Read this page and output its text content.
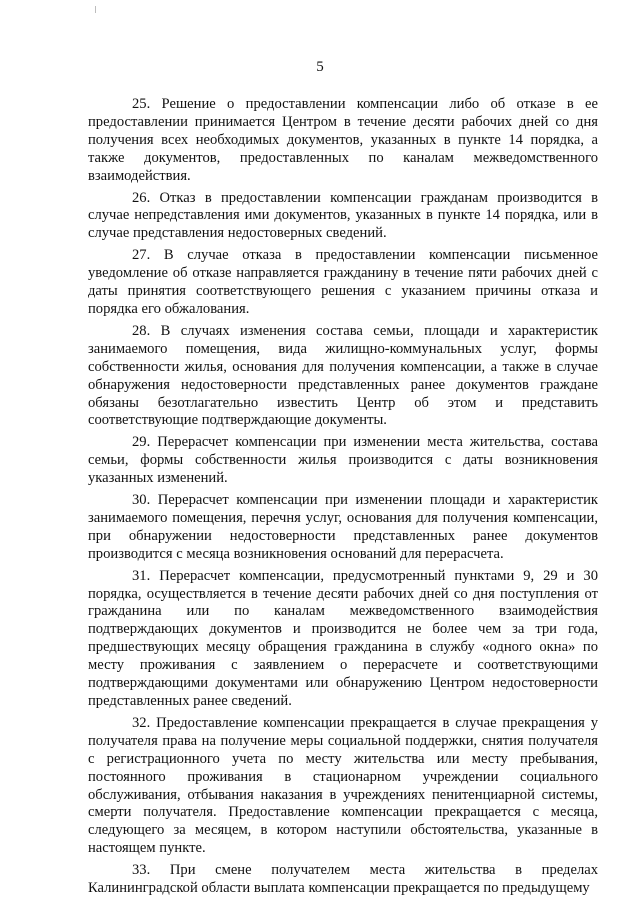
5

25. Решение о предоставлении компенсации либо об отказе в ее предоставлении принимается Центром в течение десяти рабочих дней со дня получения всех необходимых документов, указанных в пункте 14 порядка, а также документов, предоставленных по каналам межведомственного взаимодействия.

26. Отказ в предоставлении компенсации гражданам производится в случае непредставления ими документов, указанных в пункте 14 порядка, или в случае представления недостоверных сведений.

27. В случае отказа в предоставлении компенсации письменное уведомление об отказе направляется гражданину в течение пяти рабочих дней с даты принятия соответствующего решения с указанием причины отказа и порядка его обжалования.

28. В случаях изменения состава семьи, площади и характеристик занимаемого помещения, вида жилищно-коммунальных услуг, формы собственности жилья, основания для получения компенсации, а также в случае обнаружения недостоверности представленных ранее документов граждане обязаны безотлагательно известить Центр об этом и представить соответствующие подтверждающие документы.

29. Перерасчет компенсации при изменении места жительства, состава семьи, формы собственности жилья производится с даты возникновения указанных изменений.

30. Перерасчет компенсации при изменении площади и характеристик занимаемого помещения, перечня услуг, основания для получения компенсации, при обнаружении недостоверности представленных ранее документов производится с месяца возникновения оснований для перерасчета.

31. Перерасчет компенсации, предусмотренный пунктами 9, 29 и 30 порядка, осуществляется в течение десяти рабочих дней со дня поступления от гражданина или по каналам межведомственного взаимодействия подтверждающих документов и производится не более чем за три года, предшествующих месяцу обращения гражданина в службу «одного окна» по месту проживания с заявлением о перерасчете и соответствующими подтверждающими документами или обнаружению Центром недостоверности представленных ранее сведений.

32. Предоставление компенсации прекращается в случае прекращения у получателя права на получение меры социальной поддержки, снятия получателя с регистрационного учета по месту жительства или месту пребывания, постоянного проживания в стационарном учреждении социального обслуживания, отбывания наказания в учреждениях пенитенциарной системы, смерти получателя. Предоставление компенсации прекращается с месяца, следующего за месяцем, в котором наступили обстоятельства, указанные в настоящем пункте.

33. При смене получателем места жительства в пределах Калининградской области выплата компенсации прекращается по предыдущему
